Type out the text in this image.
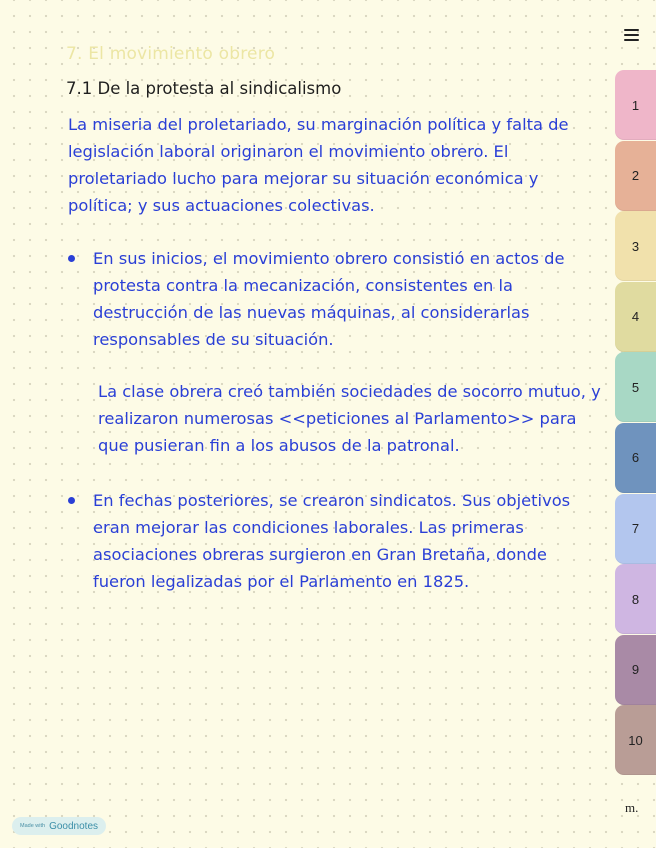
7. El movimiento obrero
7.1 De la protesta al sindicalismo

La miseria del proletariado, su marginación política y falta de legislación laboral originaron el movimiento obrero. El proletariado lucho para mejorar su situación económica y política; y sus actuaciones colectivas.

En sus inicios, el movimiento obrero consistió en actos de protesta contra la mecanización, consistentes en la destrucción de las nuevas máquinas, al considerarlas responsables de su situación.

La clase obrera creó también sociedades de socorro mutuo, y realizaron numerosas <<peticiones al Parlamento>> para que pusieran fin a los abusos de la patronal.

En fechas posteriores, se crearon sindicatos. Sus objetivos eran mejorar las condiciones laborales. Las primeras asociaciones obreras surgieron en Gran Bretaña, donde fueron legalizadas por el Parlamento en 1825.

1
2
3
4
5
6
7
8
9
10
m.
Made with Goodnotes
